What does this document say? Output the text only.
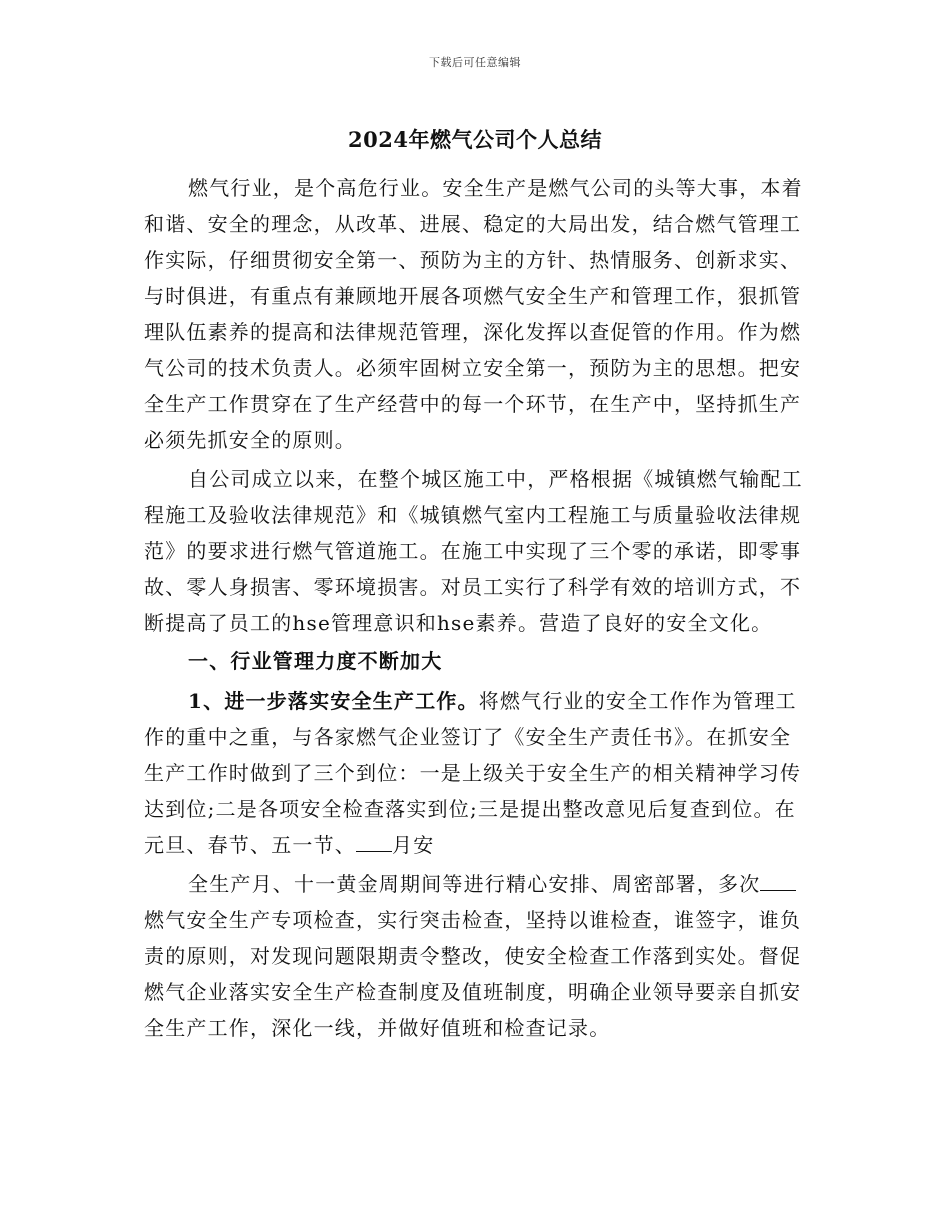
下载后可任意编辑
2024年燃气公司个人总结

燃气行业，是个高危行业。安全生产是燃气公司的头等大事，本着和谐、安全的理念，从改革、进展、稳定的大局出发，结合燃气管理工作实际，仔细贯彻安全第一、预防为主的方针、热情服务、创新求实、与时俱进，有重点有兼顾地开展各项燃气安全生产和管理工作，狠抓管理队伍素养的提高和法律规范管理，深化发挥以查促管的作用。作为燃气公司的技术负责人。必须牢固树立安全第一，预防为主的思想。把安全生产工作贯穿在了生产经营中的每一个环节，在生产中，坚持抓生产必须先抓安全的原则。

自公司成立以来，在整个城区施工中，严格根据《城镇燃气输配工程施工及验收法律规范》和《城镇燃气室内工程施工与质量验收法律规范》的要求进行燃气管道施工。在施工中实现了三个零的承诺，即零事故、零人身损害、零环境损害。对员工实行了科学有效的培训方式，不断提高了员工的hse管理意识和hse素养。营造了良好的安全文化。

一、行业管理力度不断加大

1、进一步落实安全生产工作。将燃气行业的安全工作作为管理工作的重中之重，与各家燃气企业签订了《安全生产责任书》。在抓安全生产工作时做到了三个到位：一是上级关于安全生产的相关精神学习传达到位;二是各项安全检查落实到位;三是提出整改意见后复查到位。在元旦、春节、五一节、 月安

全生产月、十一黄金周期间等进行精心安排、周密部署，多次燃气安全生产专项检查，实行突击检查，坚持以谁检查，谁签字，谁负责的原则，对发现问题限期责令整改，使安全检查工作落到实处。督促燃气企业落实安全生产检查制度及值班制度，明确企业领导要亲自抓安全生产工作，深化一线，并做好值班和检查记录。
